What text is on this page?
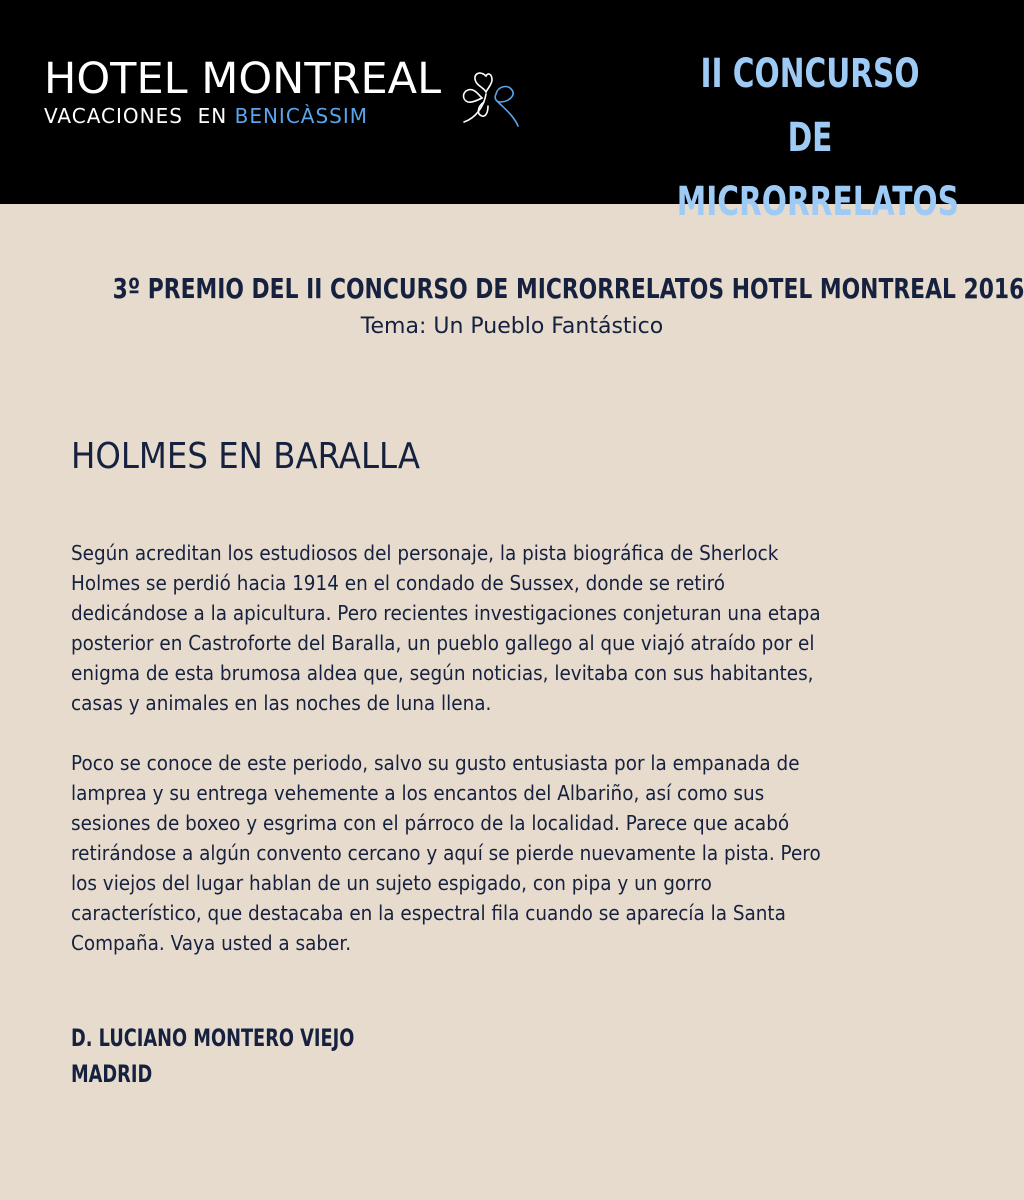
HOTEL MONTREAL
VACACIONES  EN BENICÀSSIM
II CONCURSO DE
MICRORRELATOS
3º PREMIO DEL II CONCURSO DE MICRORRELATOS HOTEL MONTREAL 2016
Tema: Un Pueblo Fantástico
HOLMES EN BARALLA
Según acreditan los estudiosos del personaje, la pista biográfica de Sherlock
Holmes se perdió hacia 1914 en el condado de Sussex, donde se retiró
dedicándose a la apicultura. Pero recientes investigaciones conjeturan una etapa
posterior en Castroforte del Baralla, un pueblo gallego al que viajó atraído por el
enigma de esta brumosa aldea que, según noticias, levitaba con sus habitantes,
casas y animales en las noches de luna llena.
Poco se conoce de este periodo, salvo su gusto entusiasta por la empanada de
lamprea y su entrega vehemente a los encantos del Albariño, así como sus
sesiones de boxeo y esgrima con el párroco de la localidad. Parece que acabó
retirándose a algún convento cercano y aquí se pierde nuevamente la pista. Pero
los viejos del lugar hablan de un sujeto espigado, con pipa y un gorro
característico, que destacaba en la espectral fila cuando se aparecía la Santa
Compaña. Vaya usted a saber.
D. LUCIANO MONTERO VIEJO
MADRID
